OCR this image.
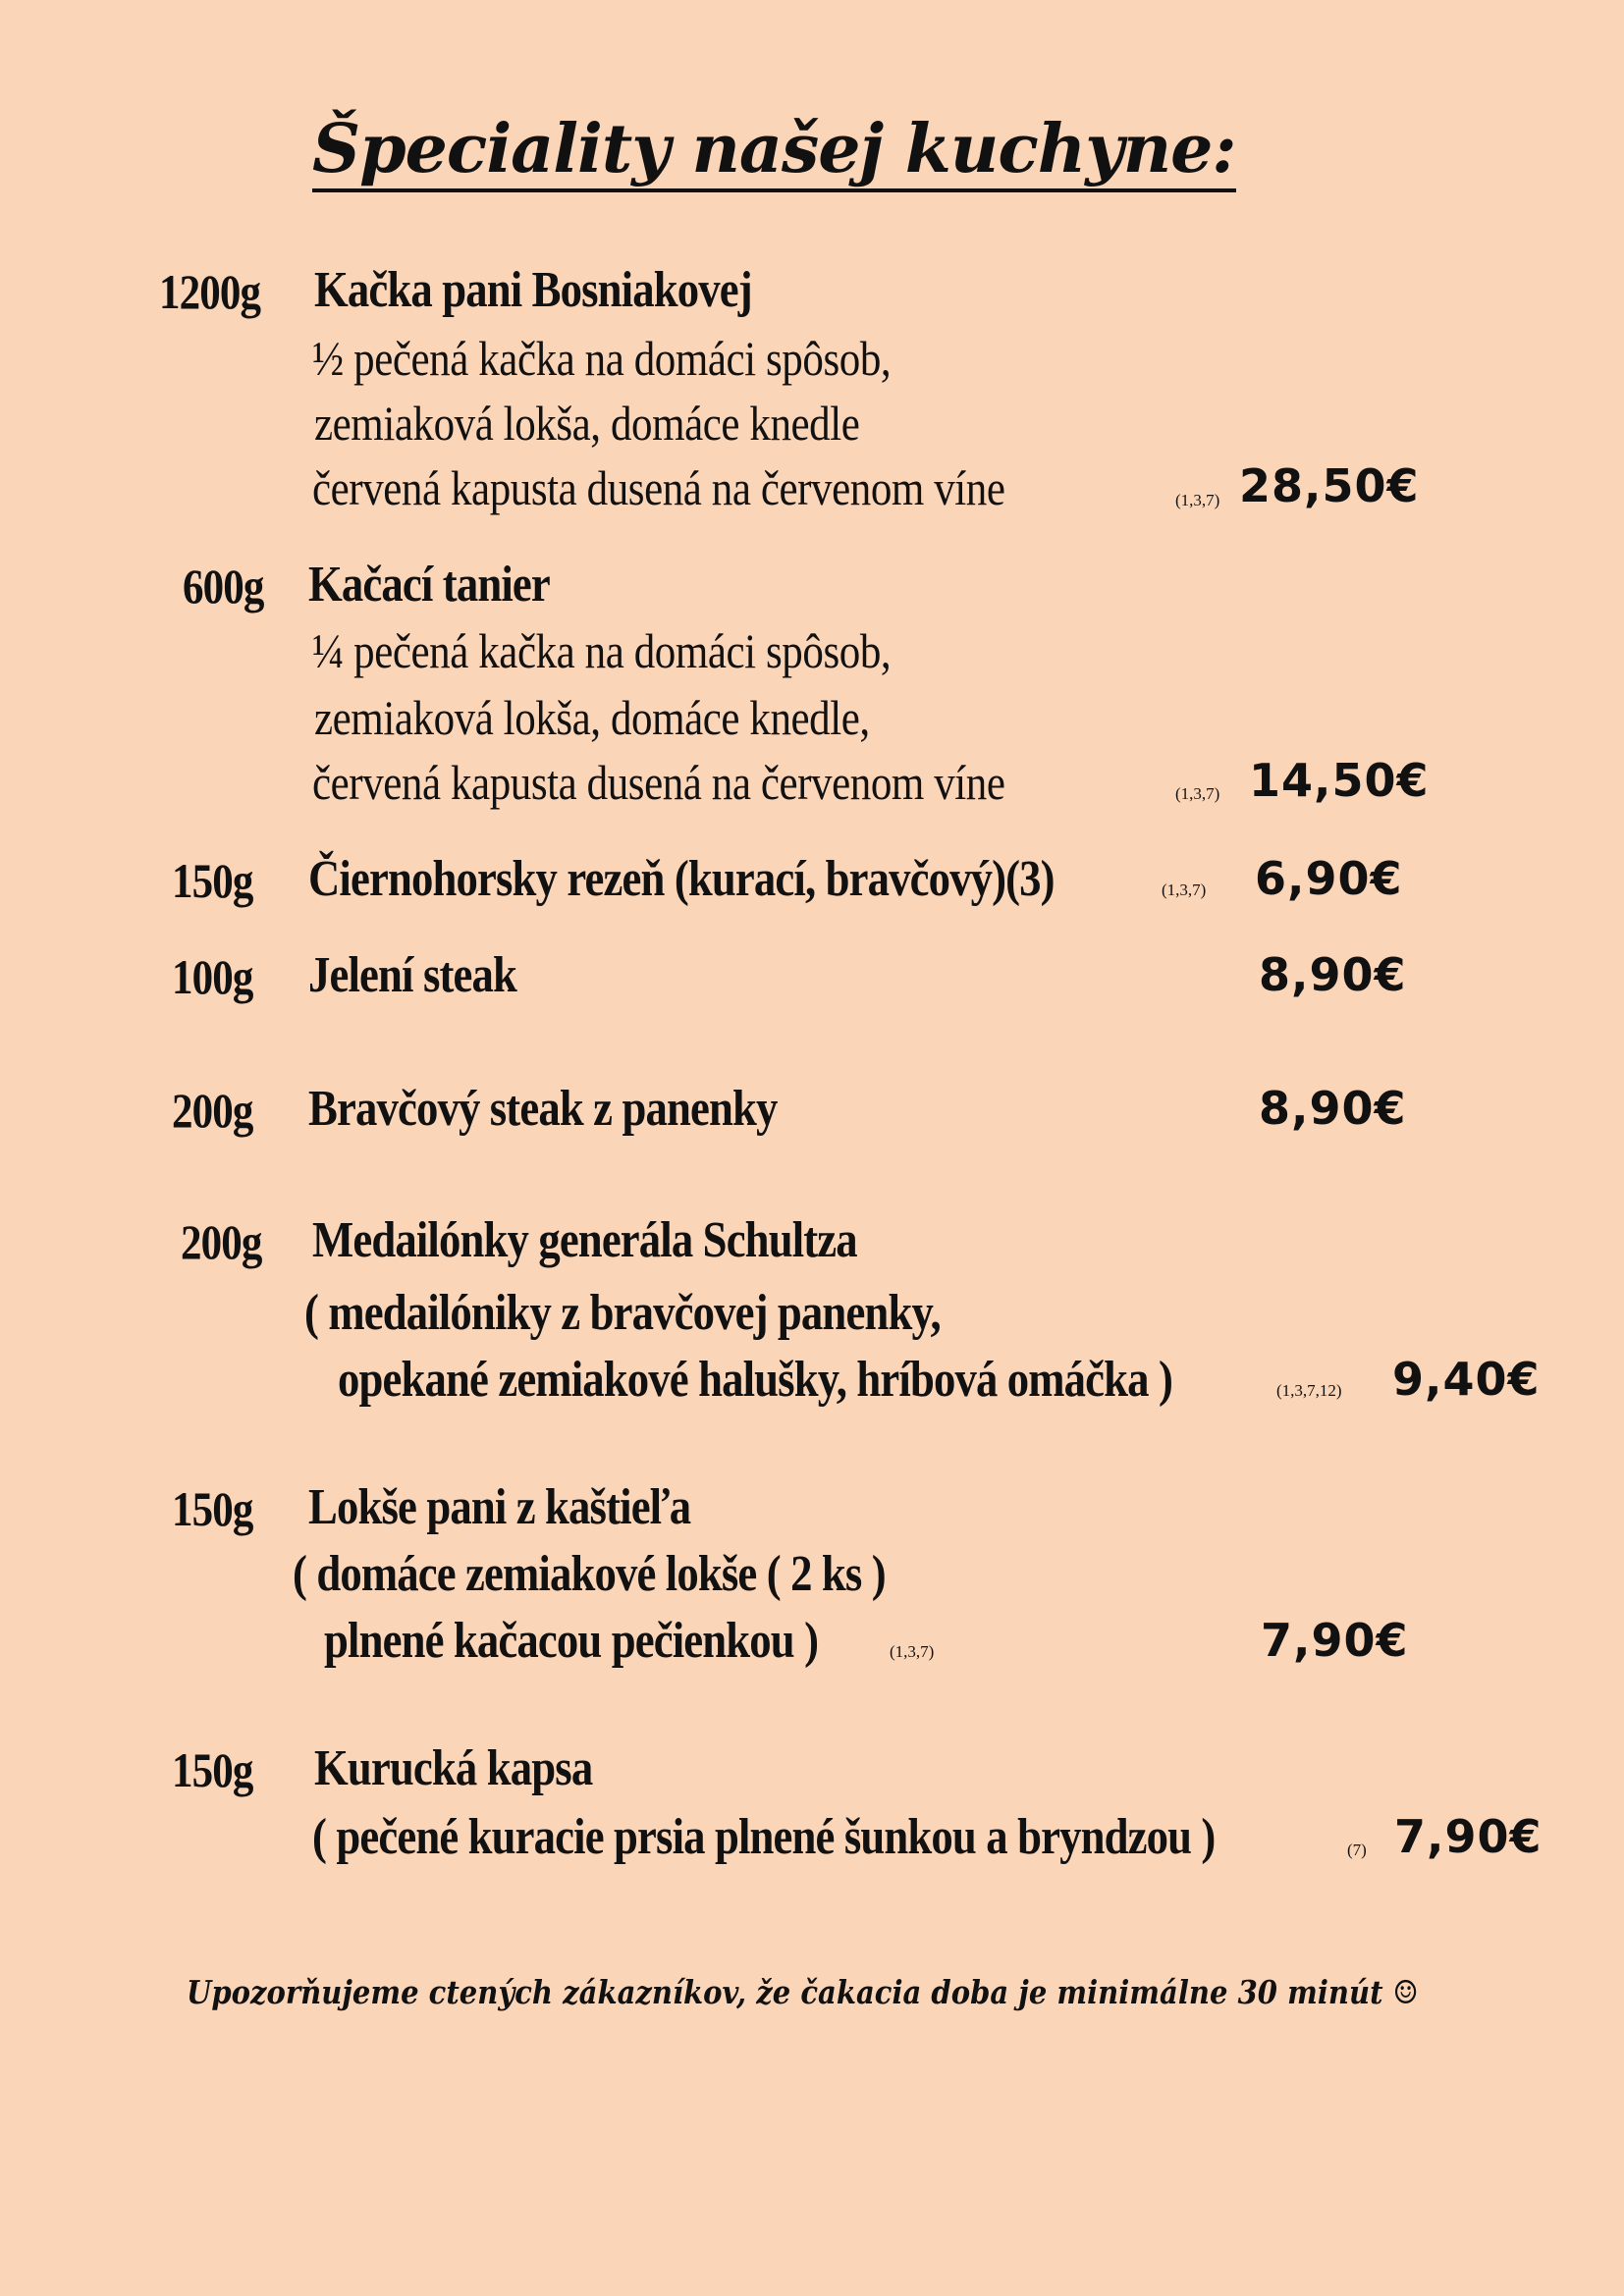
Špeciality našej kuchyne:
1200g Kačka pani Bosniakovej
½ pečená kačka na domáci spôsob,
zemiaková lokša, domáce knedle
červená kapusta dusená na červenom víne	(1,3,7) 28,50€
600g Kačací tanier
¼ pečená kačka na domáci spôsob,
zemiaková lokša, domáce knedle,
červená kapusta dusená na červenom víne	(1,3,7) 14,50€
150g Čiernohorsky rezeň (kurací, bravčový)(3)	(1,3,7) 6,90€
100g Jelení steak	8,90€
200g Bravčový steak z panenky	8,90€
200g Medailónky generála Schultza
( medailóniky z bravčovej panenky,
opekané zemiakové halušky, hríbová omáčka )	(1,3,7,12) 9,40€
150g Lokše pani z kaštieľa
( domáce zemiakové lokše ( 2 ks )
plnené kačacou pečienkou )	(1,3,7)	7,90€
150g Kurucká kapsa
( pečené kuracie prsia plnené šunkou a bryndzou )	(7) 7,90€
Upozorňujeme ctených zákazníkov, že čakacia doba je minimálne 30 minút ☺
